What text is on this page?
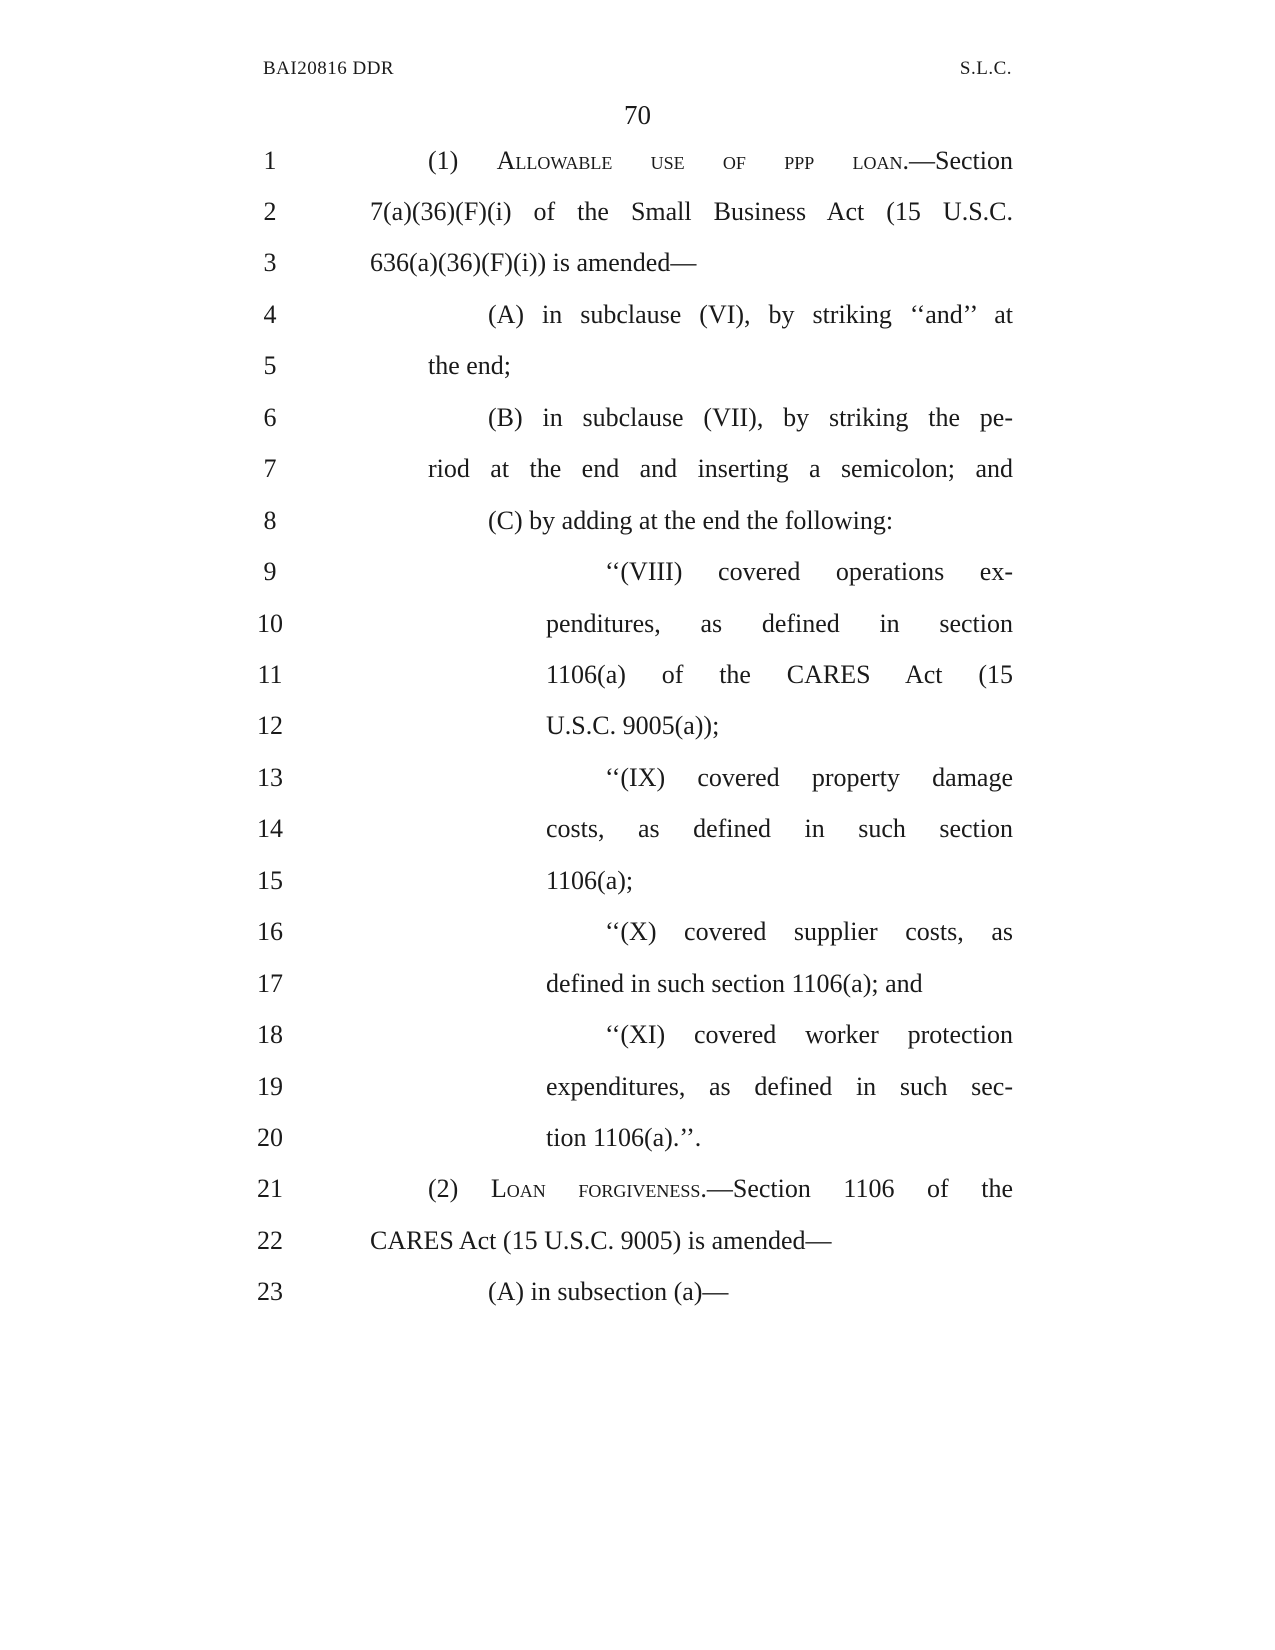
BAI20816 DDR	S.L.C.
70
1	(1) Allowable use of ppp loan.—Section
2	7(a)(36)(F)(i) of the Small Business Act (15 U.S.C.
3	636(a)(36)(F)(i)) is amended—
4	(A) in subclause (VI), by striking ‘‘and’’ at
5	the end;
6	(B) in subclause (VII), by striking the pe-
7	riod at the end and inserting a semicolon; and
8	(C) by adding at the end the following:
9	‘‘(VIII) covered operations ex-
10	penditures, as defined in section
11	1106(a) of the CARES Act (15
12	U.S.C. 9005(a));
13	‘‘(IX) covered property damage
14	costs, as defined in such section
15	1106(a);
16	‘‘(X) covered supplier costs, as
17	defined in such section 1106(a); and
18	‘‘(XI) covered worker protection
19	expenditures, as defined in such sec-
20	tion 1106(a).’’.
21	(2) Loan forgiveness.—Section 1106 of the
22	CARES Act (15 U.S.C. 9005) is amended—
23	(A) in subsection (a)—
